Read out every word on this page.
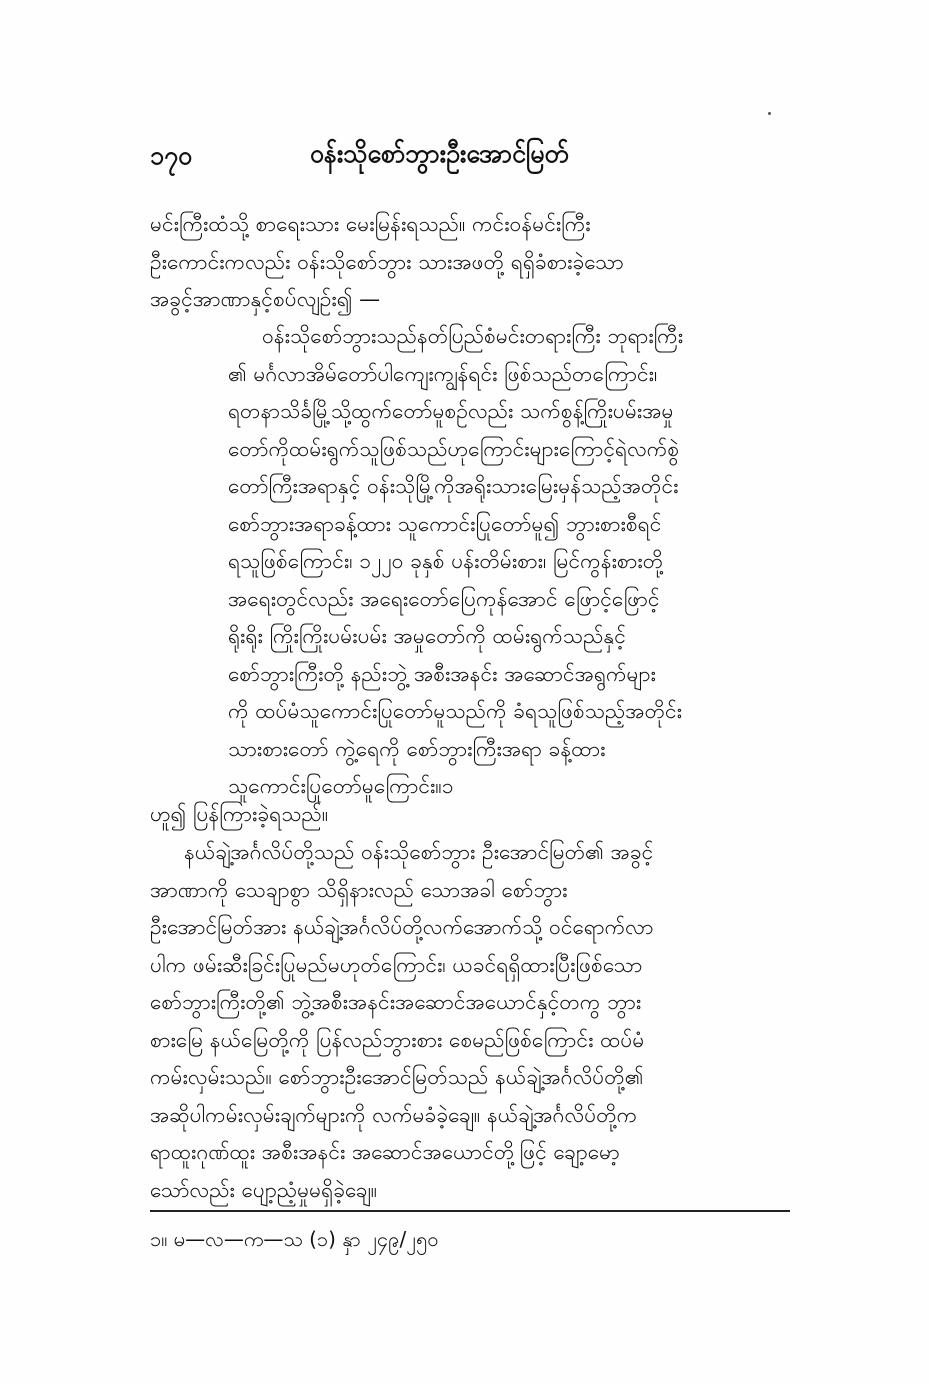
၁၇၀	ဝန်းသိုစော်ဘွားဦးအောင်မြတ်
မင်းကြီးထံသို့ စာရေးသား မေးမြန်းရသည်။ ကင်းဝန်မင်းကြီး
ဦးကောင်းကလည်း ဝန်းသိုစော်ဘွား သားအဖတို့ ရရှိခံစားခဲ့သော
အခွင့်အာဏာနှင့်စပ်လျဉ်း၍ —
ဝန်းသိုစော်ဘွားသည်နတ်ပြည်စံမင်းတရားကြီး ဘုရားကြီး
၏ မင်္ဂလာအိမ်တော်ပါကျေးကျွန်ရင်း ဖြစ်သည်တကြောင်း၊
ရတနာသိင်္ခမြို့သို့ထွက်တော်မူစဉ်လည်း သက်စွန့်ကြိုးပမ်းအမှု
တော်ကိုထမ်းရွက်သူဖြစ်သည်ဟုကြောင်းများကြောင့်ရဲလက်စွဲ
တော်ကြီးအရာနှင့် ဝန်းသိုမြို့ကိုအရိုးသားမြေးမှန်သည့်အတိုင်း
စော်ဘွားအရာခန့်ထား သူကောင်းပြုတော်မူ၍ ဘွားစားစီရင်
ရသူဖြစ်ကြောင်း၊ ၁၂၂၀ ခုနှစ် ပန်းတိမ်းစား၊ မြင်ကွန်းစားတို့
အရေးတွင်လည်း အရေးတော်ပြေကုန်အောင် ဖြောင့်ဖြောင့်
ရိုးရိုး ကြိုးကြိုးပမ်းပမ်း အမှုတော်ကို ထမ်းရွက်သည်နှင့်
စော်ဘွားကြီးတို့ နည်းဘွဲ့ အစီးအနင်း အဆောင်အရွက်များ
ကို ထပ်မံသူကောင်းပြုတော်မူသည်ကို ခံရသူဖြစ်သည့်အတိုင်း
သားစားတော် ကွဲ့ရေကို စော်ဘွားကြီးအရာ ခန့်ထား
သူကောင်းပြုတော်မူကြောင်း။၁
ဟူ၍ ပြန်ကြားခဲ့ရသည်။
နယ်ချဲ့အင်္ဂလိပ်တို့သည် ဝန်းသိုစော်ဘွား ဦးအောင်မြတ်၏ အခွင့်
အာဏာကို သေချာစွာ သိရှိနားလည် သောအခါ စော်ဘွား
ဦးအောင်မြတ်အား နယ်ချဲ့အင်္ဂလိပ်တို့လက်အောက်သို့ ဝင်ရောက်လာ
ပါက ဖမ်းဆီးခြင်းပြုမည်မဟုတ်ကြောင်း၊ ယခင်ရရှိထားပြီးဖြစ်သော
စော်ဘွားကြီးတို့၏ ဘွဲ့အစီးအနင်းအဆောင်အယောင်နှင့်တကွ ဘွား
စားမြေ နယ်မြေတို့ကို ပြန်လည်ဘွားစား စေမည်ဖြစ်ကြောင်း ထပ်မံ
ကမ်းလှမ်းသည်။ စော်ဘွားဦးအောင်မြတ်သည် နယ်ချဲ့အင်္ဂလိပ်တို့၏
အဆိုပါကမ်းလှမ်းချက်များကို လက်မခံခဲ့ချေ။ နယ်ချဲ့အင်္ဂလိပ်တို့က
ရာထူးဂုဏ်ထူး အစီးအနင်း အဆောင်အယောင်တို့ဖြင့် ချော့မော့
သော်လည်း ပျော့ညံ့မှုမရှိခဲ့ချေ။
၁။ မ—လ—က—သ (၁) နှာ ၂၄၉/၂၅၀
